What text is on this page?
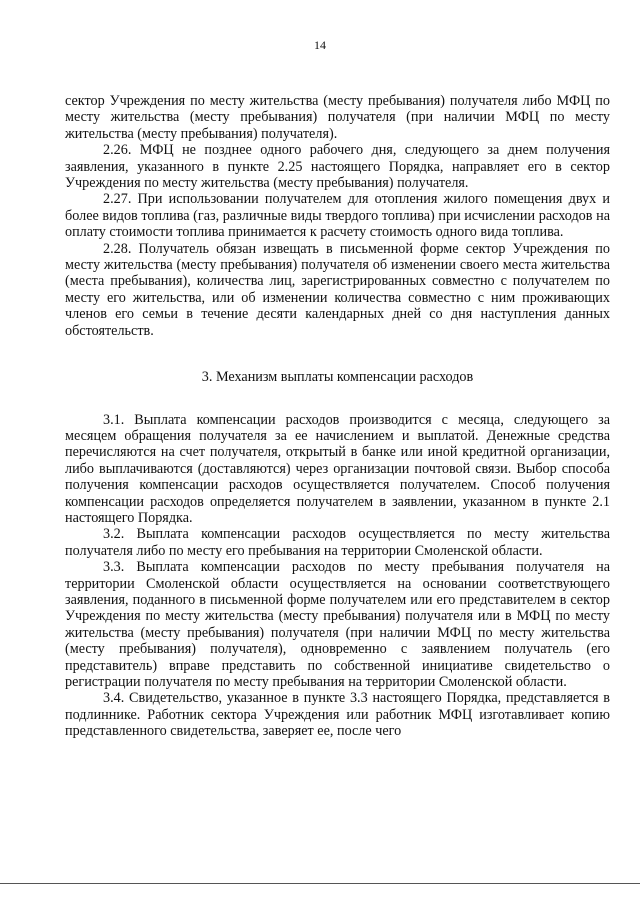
14

сектор Учреждения по месту жительства (месту пребывания) получателя либо МФЦ по месту жительства (месту пребывания) получателя (при наличии МФЦ по месту жительства (месту пребывания) получателя).

2.26. МФЦ не позднее одного рабочего дня, следующего за днем получения заявления, указанного в пункте 2.25 настоящего Порядка, направляет его в сектор Учреждения по месту жительства (месту пребывания) получателя.

2.27. При использовании получателем для отопления жилого помещения двух и более видов топлива (газ, различные виды твердого топлива) при исчислении расходов на оплату стоимости топлива принимается к расчету стоимость одного вида топлива.

2.28. Получатель обязан извещать в письменной форме сектор Учреждения по месту жительства (месту пребывания) получателя об изменении своего места жительства (места пребывания), количества лиц, зарегистрированных совместно с получателем по месту его жительства, или об изменении количества совместно с ним проживающих членов его семьи в течение десяти календарных дней со дня наступления данных обстоятельств.

3. Механизм выплаты компенсации расходов

3.1. Выплата компенсации расходов производится с месяца, следующего за месяцем обращения получателя за ее начислением и выплатой. Денежные средства перечисляются на счет получателя, открытый в банке или иной кредитной организации, либо выплачиваются (доставляются) через организации почтовой связи. Выбор способа получения компенсации расходов осуществляется получателем. Способ получения компенсации расходов определяется получателем в заявлении, указанном в пункте 2.1 настоящего Порядка.

3.2. Выплата компенсации расходов осуществляется по месту жительства получателя либо по месту его пребывания на территории Смоленской области.

3.3. Выплата компенсации расходов по месту пребывания получателя на территории Смоленской области осуществляется на основании соответствующего заявления, поданного в письменной форме получателем или его представителем в сектор Учреждения по месту жительства (месту пребывания) получателя или в МФЦ по месту жительства (месту пребывания) получателя (при наличии МФЦ по месту жительства (месту пребывания) получателя), одновременно с заявлением получатель (его представитель) вправе представить по собственной инициативе свидетельство о регистрации получателя по месту пребывания на территории Смоленской области.

3.4. Свидетельство, указанное в пункте 3.3 настоящего Порядка, представляется в подлиннике. Работник сектора Учреждения или работник МФЦ изготавливает копию представленного свидетельства, заверяет ее, после чего
